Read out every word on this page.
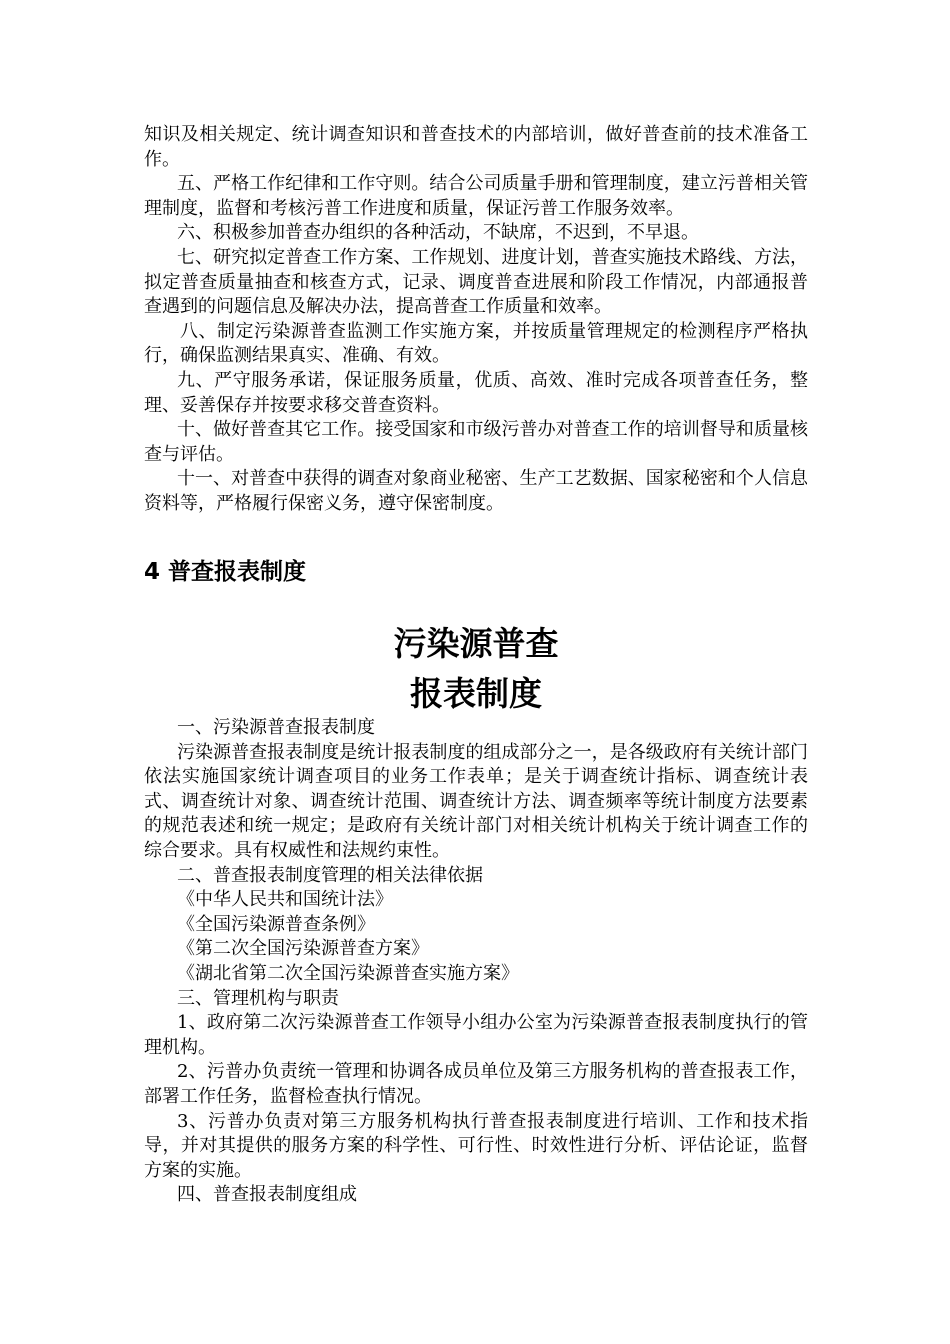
知识及相关规定、统计调查知识和普查技术的内部培训，做好普查前的技术准备工作。

五、严格工作纪律和工作守则。结合公司质量手册和管理制度，建立污普相关管理制度，监督和考核污普工作进度和质量，保证污普工作服务效率。

六、积极参加普查办组织的各种活动，不缺席，不迟到，不早退。

七、研究拟定普查工作方案、工作规划、进度计划，普查实施技术路线、方法，拟定普查质量抽查和核查方式，记录、调度普查进展和阶段工作情况，内部通报普查遇到的问题信息及解决办法，提高普查工作质量和效率。

八、制定污染源普查监测工作实施方案，并按质量管理规定的检测程序严格执行，确保监测结果真实、准确、有效。

九、严守服务承诺，保证服务质量，优质、高效、准时完成各项普查任务，整理、妥善保存并按要求移交普查资料。

十、做好普查其它工作。接受国家和市级污普办对普查工作的培训督导和质量核查与评估。

十一、对普查中获得的调查对象商业秘密、生产工艺数据、国家秘密和个人信息资料等，严格履行保密义务，遵守保密制度。

4 普查报表制度
污染源普查
报表制度

一、污染源普查报表制度

污染源普查报表制度是统计报表制度的组成部分之一，是各级政府有关统计部门依法实施国家统计调查项目的业务工作表单；是关于调查统计指标、调查统计表式、调查统计对象、调查统计范围、调查统计方法、调查频率等统计制度方法要素的规范表述和统一规定；是政府有关统计部门对相关统计机构关于统计调查工作的综合要求。具有权威性和法规约束性。

二、普查报表制度管理的相关法律依据

《中华人民共和国统计法》

《全国污染源普查条例》

《第二次全国污染源普查方案》

《湖北省第二次全国污染源普查实施方案》

三、管理机构与职责

1、政府第二次污染源普查工作领导小组办公室为污染源普查报表制度执行的管理机构。

2、污普办负责统一管理和协调各成员单位及第三方服务机构的普查报表工作，部署工作任务，监督检查执行情况。

3、污普办负责对第三方服务机构执行普查报表制度进行培训、工作和技术指导，并对其提供的服务方案的科学性、可行性、时效性进行分析、评估论证，监督方案的实施。

四、普查报表制度组成
